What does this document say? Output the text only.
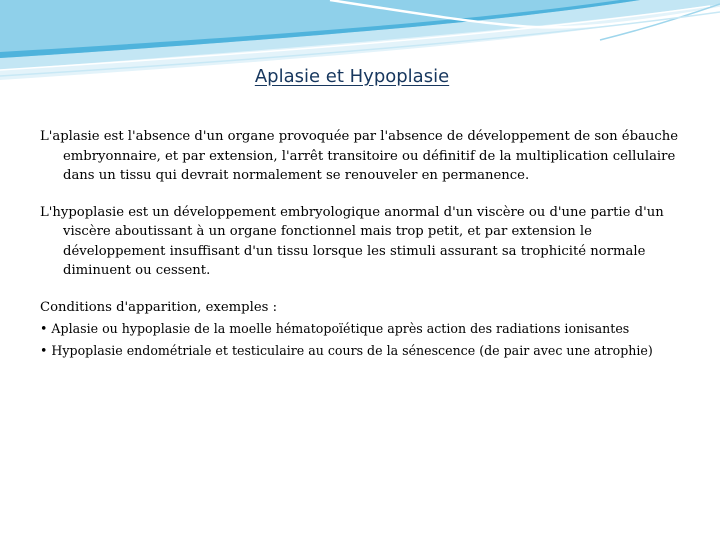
Aplasie et Hypoplasie

L'aplasie est l'absence d'un organe provoquée par l'absence de développement de son ébauche embryonnaire, et par extension, l'arrêt transitoire ou définitif de la multiplication cellulaire dans un tissu qui devrait normalement se renouveler en permanence.

L'hypoplasie est un développement embryologique anormal d'un viscère ou d'une partie d'un viscère aboutissant à un organe fonctionnel mais trop petit, et par extension le développement insuffisant d'un tissu lorsque les stimuli assurant sa trophicité normale diminuent ou cessent.

Conditions d'apparition, exemples :

• Aplasie ou hypoplasie de la moelle hématopoïétique après action des radiations ionisantes

• Hypoplasie endométriale et testiculaire au cours de la sénescence (de pair avec une atrophie)
